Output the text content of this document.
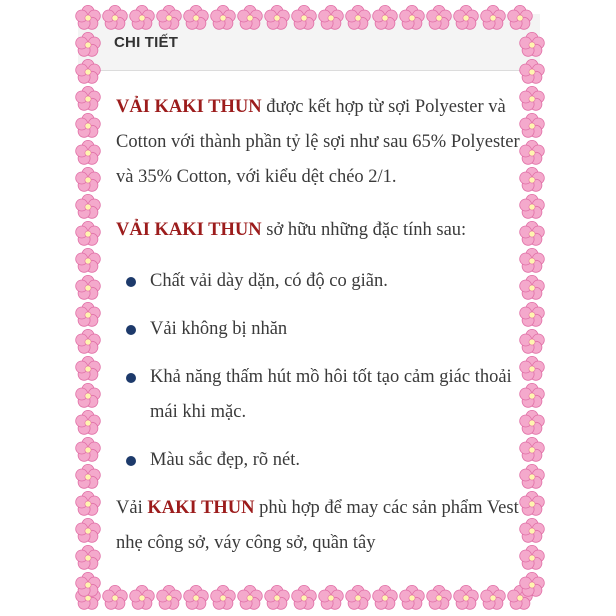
CHI TIẾT

VẢI KAKI THUN được kết hợp từ sợi Polyester và Cotton với thành phần tỷ lệ sợi như sau 65% Polyester và 35% Cotton, với kiểu dệt chéo 2/1.

VẢI KAKI THUN sở hữu những đặc tính sau:

Chất vải dày dặn, có độ co giãn.
Vải không bị nhăn
Khả năng thấm hút mồ hôi tốt tạo cảm giác thoải mái khi mặc.
Màu sắc đẹp, rõ nét.

Vải KAKI THUN phù hợp để may các sản phẩm Vest nhẹ công sở, váy công sở, quần tây
